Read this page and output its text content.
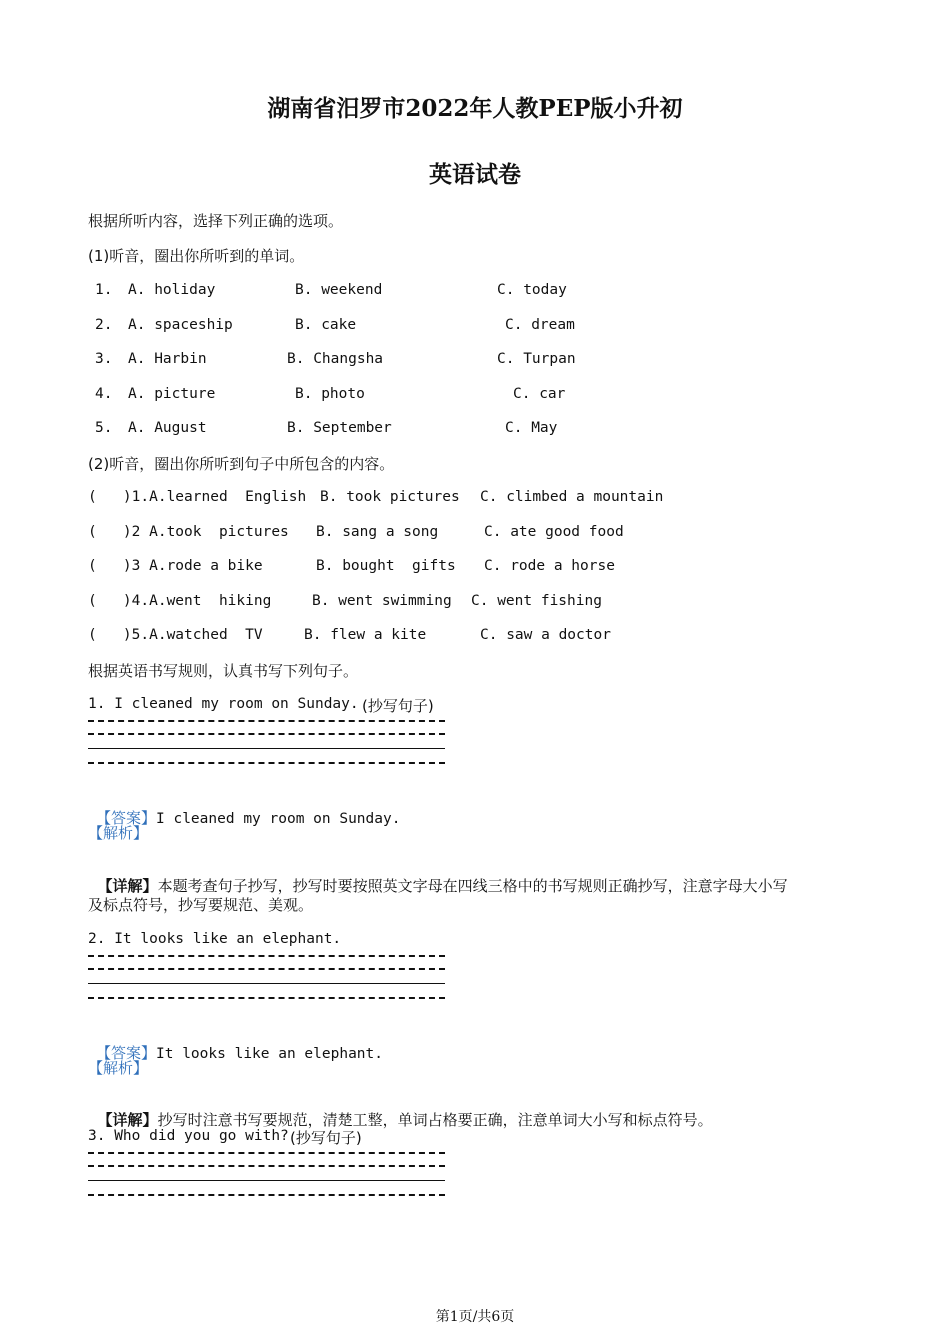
湖南省汨罗市2022年人教PEP版小升初
英语试卷
根据所听内容，选择下列正确的选项。
(1)听音，圈出你所听到的单词。
1. A. holiday	B. weekend	C. today
2. A. spaceship	B. cake	C. dream
3. A. Harbin	B. Changsha	C. Turpan
4. A. picture	B. photo	C. car
5. A. August	B. September	C. May
(2)听音，圈出你所听到句子中所包含的内容。
(   )1.A.learned  English B. took pictures C. climbed a mountain
(   )2 A.took  pictures B. sang a song	C. ate good food
(   )3 A.rode a bike	B. bought  gifts C. rode a horse
(   )4.A.went  hiking	B. went swimming C. went fishing
(   )5.A.watched  TV	B. flew a kite	C. saw a doctor
根据英语书写规则，认真书写下列句子。
1. I cleaned my room on Sunday. (抄写句子)

【答案】I cleaned my room on Sunday.

【解析】

【详解】本题考查句子抄写，抄写时要按照英文字母在四线三格中的书写规则正确抄写，注意字母大小写

及标点符号，抄写要规范、美观。
2. It looks like an elephant.

【答案】It looks like an elephant.

【解析】

【详解】抄写时注意书写要规范，清楚工整，单词占格要正确，注意单词大小写和标点符号。

3. Who did you go with? (抄写句子)
第1页/共6页
